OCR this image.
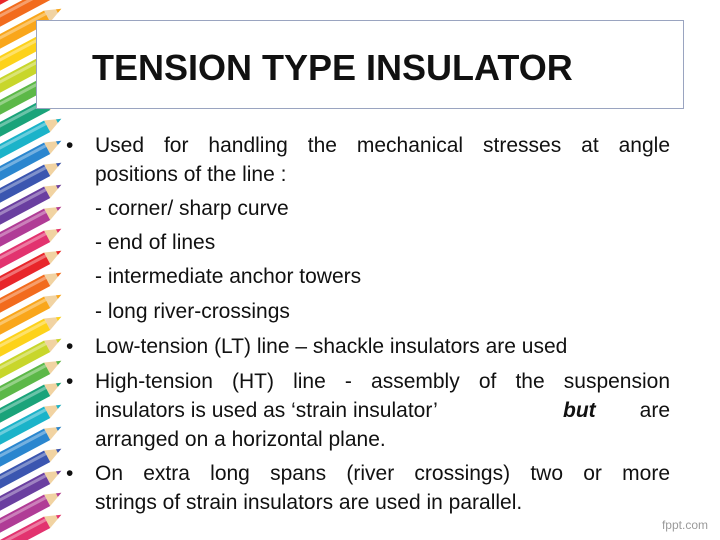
TENSION TYPE INSULATOR
• Used for handling the mechanical stresses at angle

positions of the line :

- corner/ sharp curve

- end of lines

- intermediate anchor towers

- long river-crossings

• Low-tension (LT) line – shackle insulators are used

• High-tension (HT) line - assembly of the suspension

insulators is used as ‘strain insulator’	but are

arranged on a horizontal plane.

• On extra long spans (river crossings) two or more

strings of strain insulators are used in parallel.

fppt.com
